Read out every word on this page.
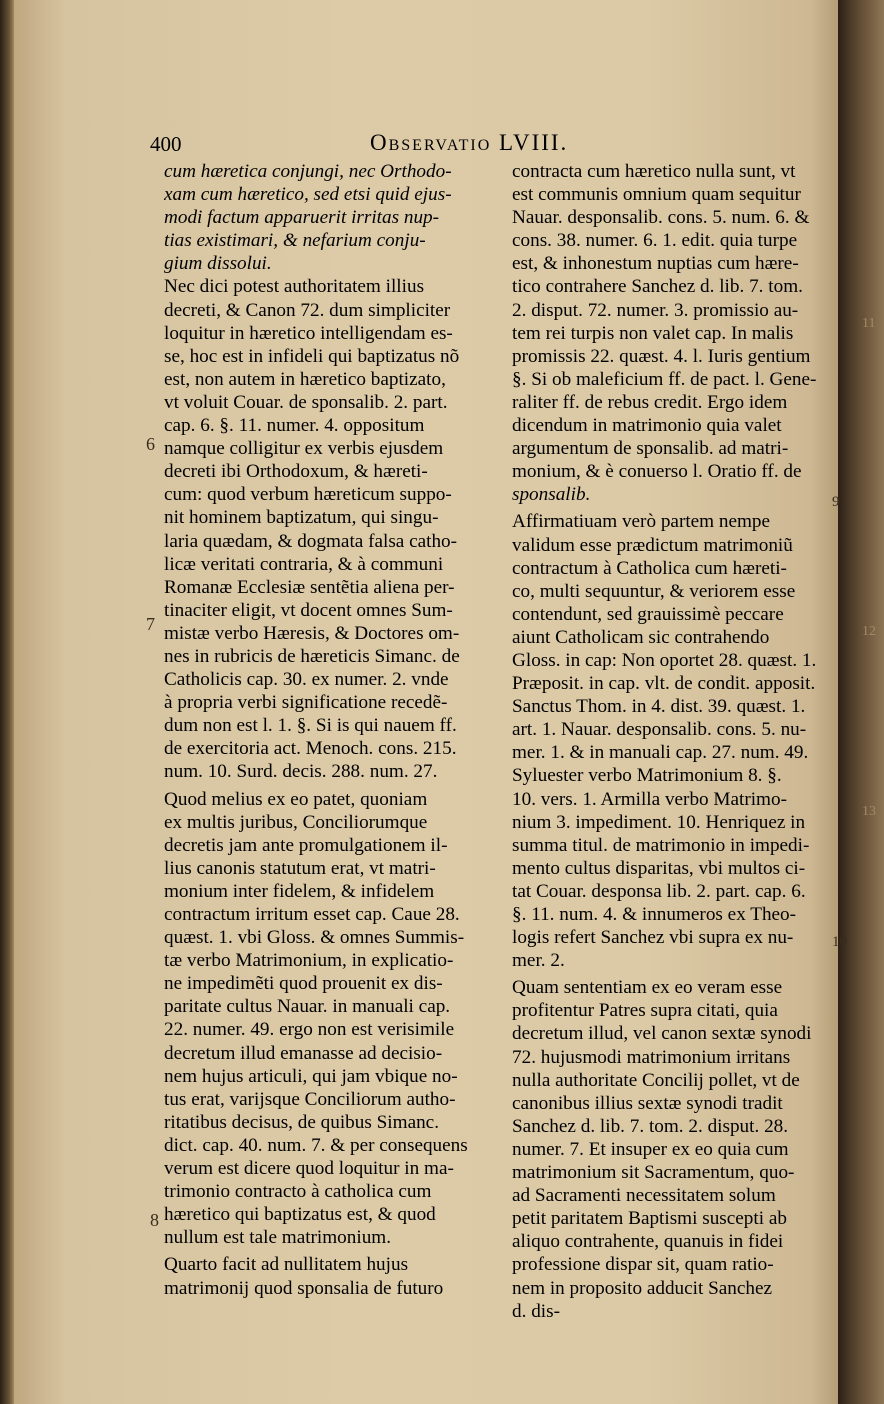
400	Observatio LVIII.
cum hæretica conjungi, nec Orthodo-
xam cum hæretico, sed etsi quid ejus-
modi factum apparuerit irritas nup-
tias existimari, & nefarium conju-
gium dissolui.
Nec dici potest authoritatem illius
decreti, & Canon 72. dum simpliciter
loquitur in hæretico intelligendam es-
se, hoc est in infideli qui baptizatus nõ
est, non autem in hæretico baptizato,
vt voluit Couar. de sponsalib. 2. part.
cap. 6. §. 11. numer. 4. oppositum
namque colligitur ex verbis ejusdem
decreti ibi Orthodoxum, & hæreti-
cum: quod verbum hæreticum suppo-
nit hominem baptizatum, qui singu-
laria quædam, & dogmata falsa catho-
licæ veritati contraria, & à communi
Romanæ Ecclesiæ sentẽtia aliena per-
tinaciter eligit, vt docent omnes Sum-
mistæ verbo Hæresis, & Doctores om-
nes in rubricis de hæreticis Simanc. de
Catholicis cap. 30. ex numer. 2. vnde
à propria verbi significatione recedẽ-
dum non est l. 1. §. Si is qui nauem ff.
de exercitoria act. Menoch. cons. 215.
num. 10. Surd. decis. 288. num. 27.
Quod melius ex eo patet, quoniam
ex multis juribus, Conciliorumque
decretis jam ante promulgationem il-
lius canonis statutum erat, vt matri-
monium inter fidelem, & infidelem
contractum irritum esset cap. Caue 28.
quæst. 1. vbi Gloss. & omnes Summis-
tæ verbo Matrimonium, in explicatio-
ne impedimẽti quod prouenit ex dis-
paritate cultus Nauar. in manuali cap.
22. numer. 49. ergo non est verisimile
decretum illud emanasse ad decisio-
nem hujus articuli, qui jam vbique no-
tus erat, varijsque Conciliorum autho-
ritatibus decisus, de quibus Simanc.
dict. cap. 40. num. 7. & per consequens
verum est dicere quod loquitur in ma-
trimonio contracto à catholica cum
hæretico qui baptizatus est, & quod
nullum est tale matrimonium.
Quarto facit ad nullitatem hujus
matrimonij quod sponsalia de futuro
contracta cum hæretico nulla sunt, vt
est communis omnium quam sequitur
Nauar. desponsalib. cons. 5. num. 6. &
cons. 38. numer. 6. 1. edit. quia turpe
est, & inhonestum nuptias cum hære-
tico contrahere Sanchez d. lib. 7. tom.
2. disput. 72. numer. 3. promissio au-
tem rei turpis non valet cap. In malis
promissis 22. quæst. 4. l. Iuris gentium
§. Si ob maleficium ff. de pact. l. Gene-
raliter ff. de rebus credit. Ergo idem
dicendum in matrimonio quia valet
argumentum de sponsalib. ad matri-
monium, & è conuerso l. Oratio ff. de
sponsalib.
Affirmatiuam verò partem nempe
validum esse prædictum matrimoniũ
contractum à Catholica cum hæreti-
co, multi sequuntur, & veriorem esse
contendunt, sed grauissimè peccare
aiunt Catholicam sic contrahendo
Gloss. in cap: Non oportet 28. quæst. 1.
Præposit. in cap. vlt. de condit. apposit.
Sanctus Thom. in 4. dist. 39. quæst. 1.
art. 1. Nauar. desponsalib. cons. 5. nu-
mer. 1. & in manuali cap. 27. num. 49.
Syluester verbo Matrimonium 8. §.
10. vers. 1. Armilla verbo Matrimo-
nium 3. impediment. 10. Henriquez in
summa titul. de matrimonio in impedi-
mento cultus disparitas, vbi multos ci-
tat Couar. desponsa lib. 2. part. cap. 6.
§. 11. num. 4. & innumeros ex Theo-
logis refert Sanchez vbi supra ex nu-
mer. 2.
Quam sententiam ex eo veram esse
profitentur Patres supra citati, quia
decretum illud, vel canon sextæ synodi
72. hujusmodi matrimonium irritans
nulla authoritate Concilij pollet, vt de
canonibus illius sextæ synodi tradit
Sanchez d. lib. 7. tom. 2. disput. 28.
numer. 7. Et insuper ex eo quia cum
matrimonium sit Sacramentum, quo-
ad Sacramenti necessitatem solum
petit paritatem Baptismi suscepti ab
aliquo contrahente, quanuis in fidei
professione dispar sit, quam ratio-
nem in proposito adducit Sanchez
d. dis-
6
7
8
9
10
11
12
13
